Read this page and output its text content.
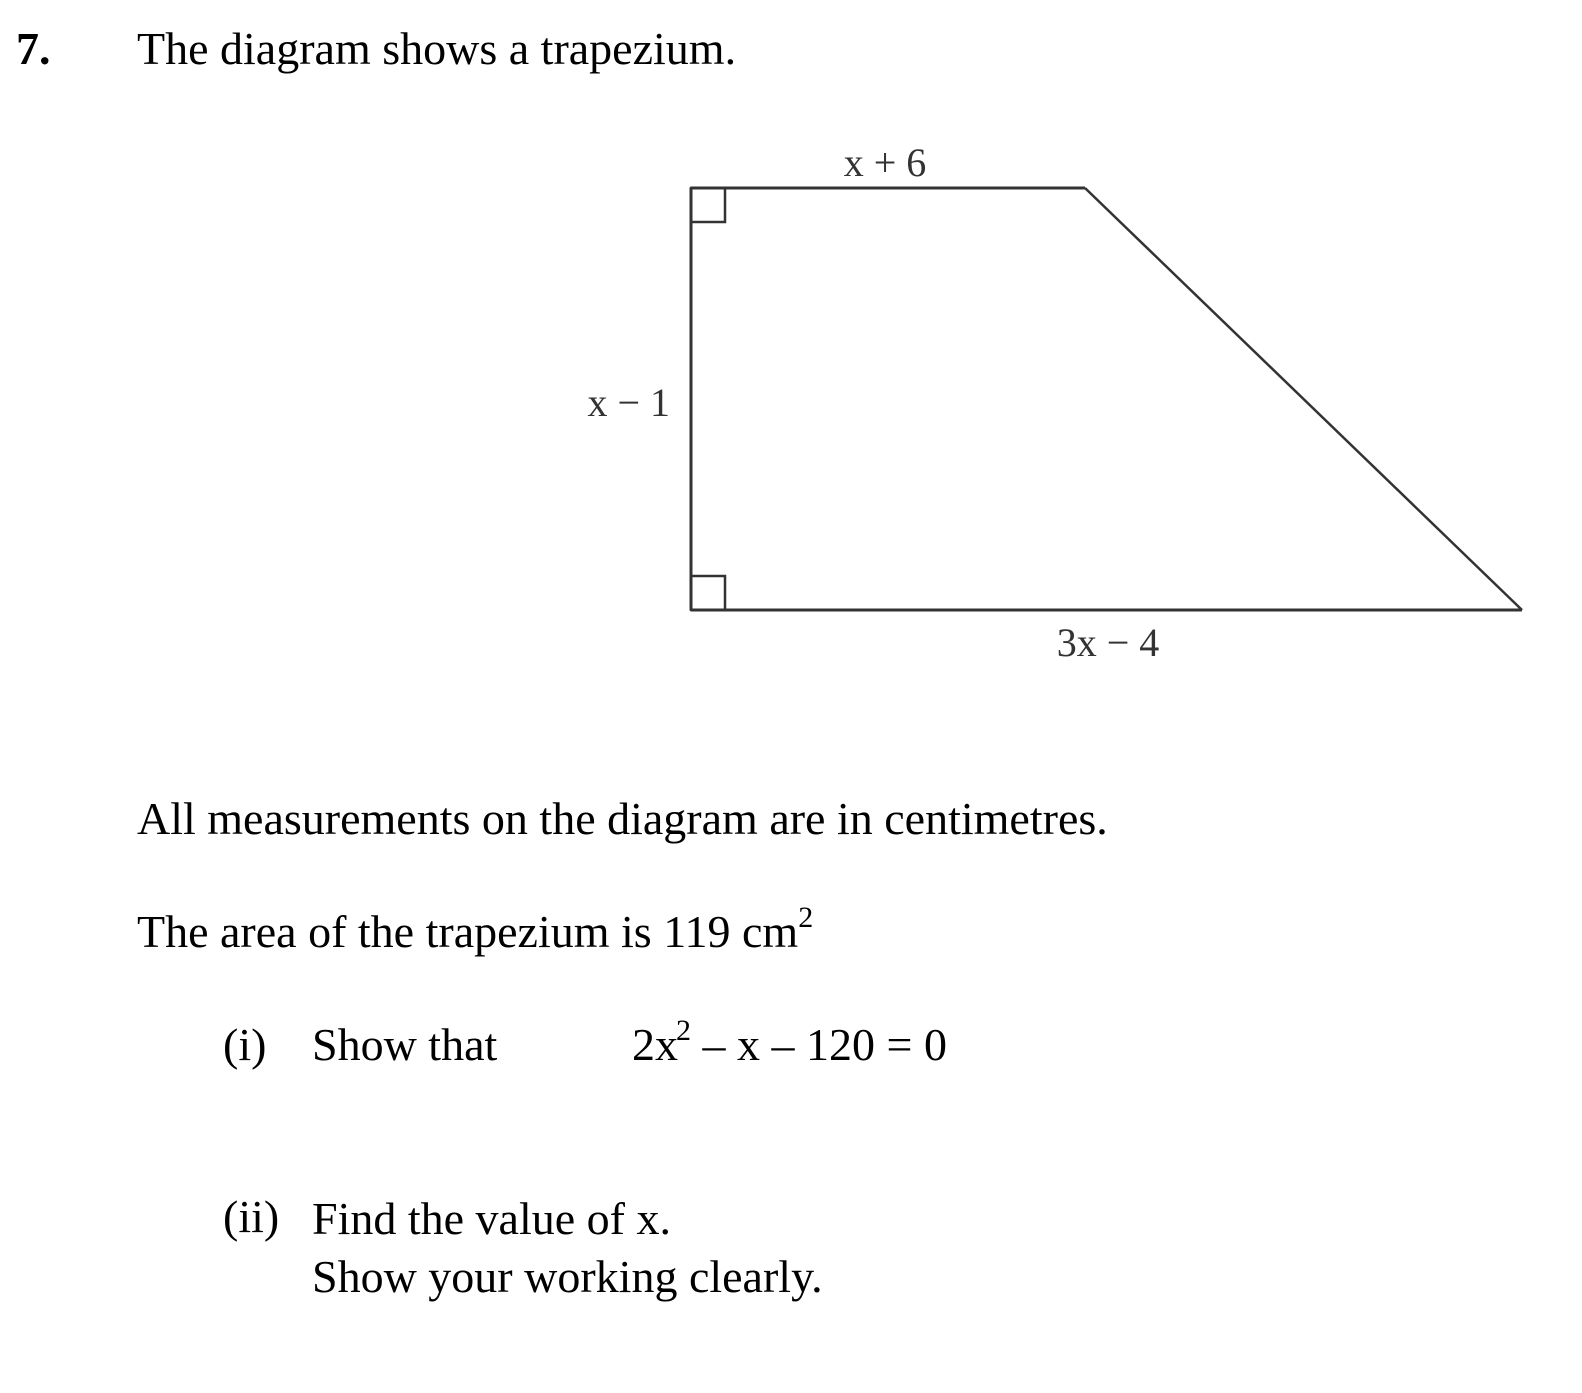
7. The diagram shows a trapezium.
x + 6
x − 1
3x − 4
All measurements on the diagram are in centimetres.
The area of the trapezium is 119 $cm^2$
(i) Show that	$2x^2 - x - 120 = 0$
(ii) Find the value of x.
Show your working clearly.
